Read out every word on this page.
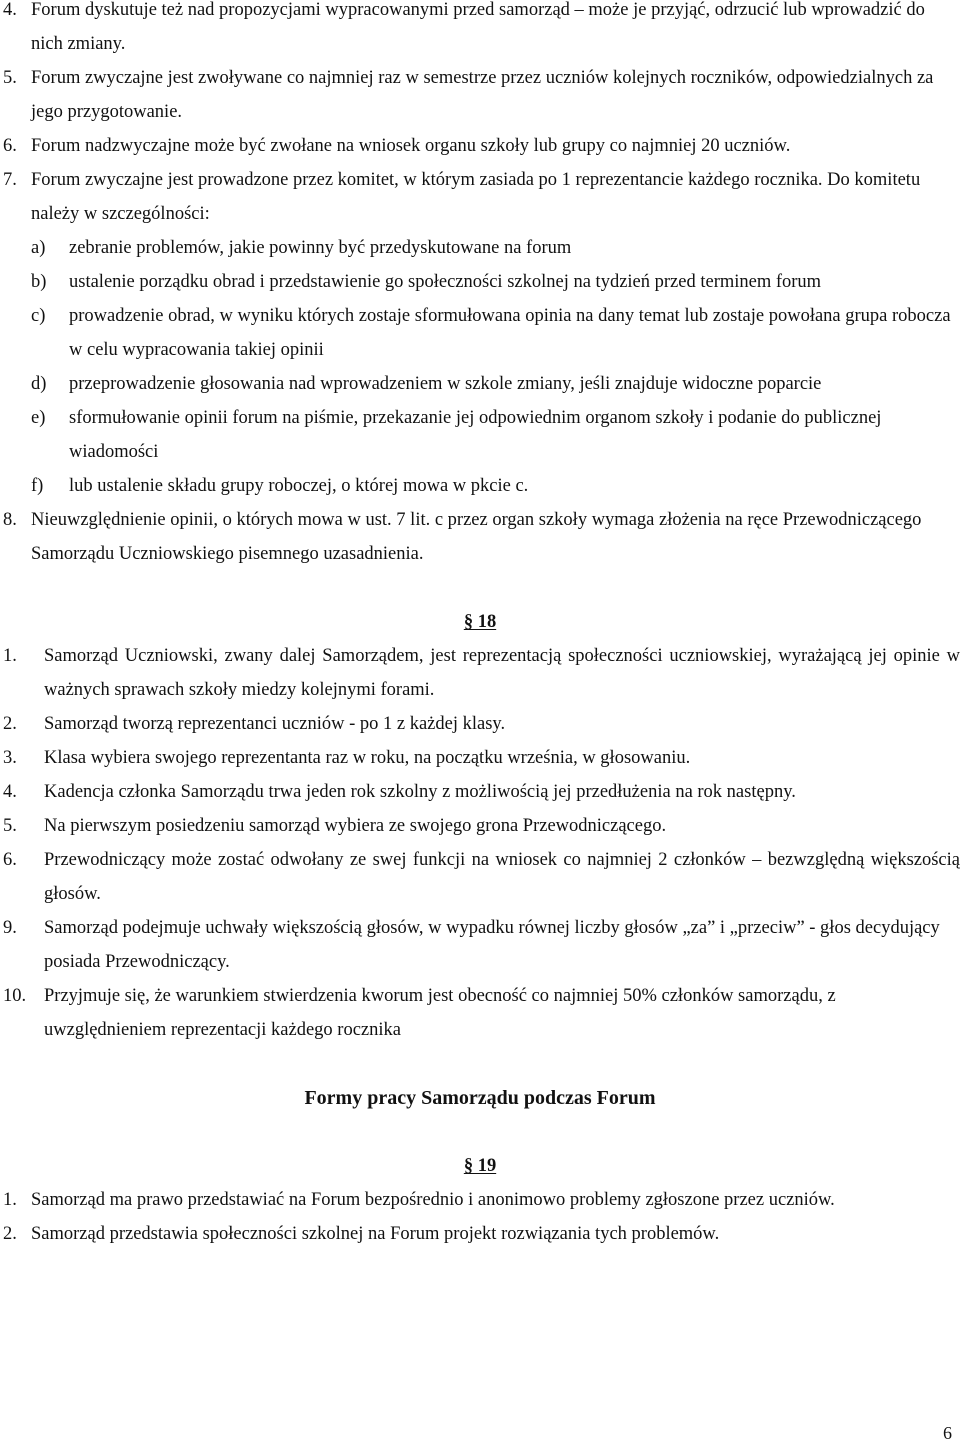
4. Forum dyskutuje też nad propozycjami wypracowanymi przed samorząd – może je przyjąć, odrzucić lub wprowadzić do nich zmiany.
5. Forum zwyczajne jest zwoływane co najmniej raz w semestrze przez uczniów kolejnych roczników, odpowiedzialnych za jego przygotowanie.
6. Forum nadzwyczajne może być zwołane na wniosek organu szkoły lub grupy co najmniej 20 uczniów.
7. Forum zwyczajne jest prowadzone przez komitet, w którym zasiada po 1 reprezentancie każdego rocznika. Do komitetu należy w szczególności:
a)	zebranie problemów, jakie powinny być przedyskutowane na forum
b)	ustalenie porządku obrad i przedstawienie go społeczności szkolnej na tydzień przed terminem forum
c)	prowadzenie obrad, w wyniku których zostaje sformułowana opinia na dany temat lub zostaje powołana grupa robocza w celu wypracowania takiej opinii
d)	przeprowadzenie głosowania nad wprowadzeniem w szkole zmiany, jeśli znajduje widoczne poparcie
e)	sformułowanie opinii forum na piśmie, przekazanie jej odpowiednim organom szkoły i podanie do publicznej wiadomości
f)	lub ustalenie składu grupy roboczej, o której mowa w pkcie c.
8. Nieuwzględnienie opinii, o których mowa w ust. 7 lit. c przez organ szkoły wymaga złożenia na ręce Przewodniczącego Samorządu Uczniowskiego pisemnego uzasadnienia.
§ 18
1.	Samorząd Uczniowski, zwany dalej Samorządem, jest reprezentacją społeczności uczniowskiej, wyrażającą jej opinie w ważnych sprawach szkoły miedzy kolejnymi forami.
2.	Samorząd tworzą reprezentanci uczniów - po 1 z każdej klasy.
3.	Klasa wybiera swojego reprezentanta raz w roku, na początku września, w głosowaniu.
4.	Kadencja członka Samorządu trwa jeden rok szkolny z możliwością jej przedłużenia na rok następny.
5.	Na pierwszym posiedzeniu samorząd wybiera ze swojego grona Przewodniczącego.
6.	Przewodniczący może zostać odwołany ze swej funkcji na wniosek co najmniej 2 członków – bezwzględną większością głosów.
9.	Samorząd podejmuje uchwały większością głosów, w wypadku równej liczby głosów „za” i „przeciw” - głos decydujący posiada Przewodniczący.
10. Przyjmuje się, że warunkiem stwierdzenia kworum jest obecność co najmniej 50% członków samorządu, z uwzględnieniem reprezentacji każdego rocznika
Formy pracy Samorządu podczas Forum
§ 19
1. Samorząd ma prawo przedstawiać na Forum bezpośrednio i anonimowo problemy zgłoszone przez uczniów.
2. Samorząd przedstawia społeczności szkolnej na Forum projekt rozwiązania tych problemów.
6
